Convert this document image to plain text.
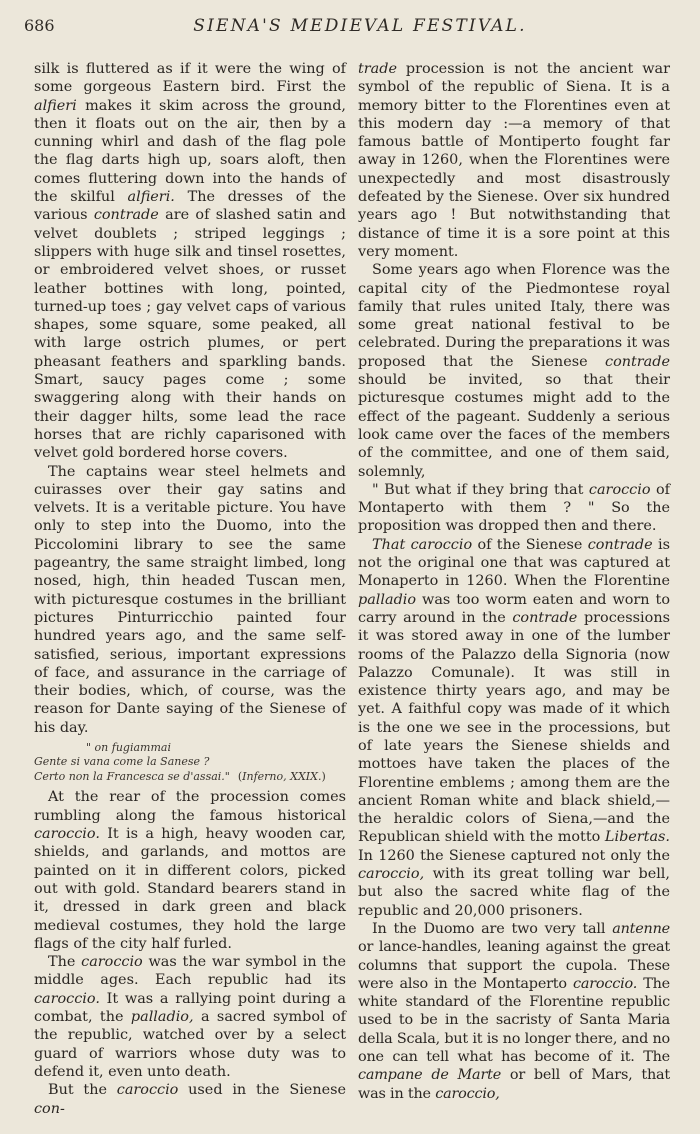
686	SIENA'S MEDIEVAL FESTIVAL.

silk is fluttered as if it were the wing of some gorgeous Eastern bird. First the alfieri makes it skim across the ground, then it floats out on the air, then by a cunning whirl and dash of the flag pole the flag darts high up, soars aloft, then comes fluttering down into the hands of the skilful alfieri. The dresses of the various contrade are of slashed satin and velvet doublets ; striped leggings ; slippers with huge silk and tinsel rosettes, or embroidered velvet shoes, or russet leather bottines with long, pointed, turned-up toes ; gay velvet caps of various shapes, some square, some peaked, all with large ostrich plumes, or pert pheasant feathers and sparkling bands. Smart, saucy pages come ; some swaggering along with their hands on their dagger hilts, some lead the race horses that are richly caparisoned with velvet gold bordered horse covers.

The captains wear steel helmets and cuirasses over their gay satins and velvets. It is a veritable picture. You have only to step into the Duomo, into the Piccolomini library to see the same pageantry, the same straight limbed, long nosed, high, thin headed Tuscan men, with picturesque costumes in the brilliant pictures Pinturricchio painted four hundred years ago, and the same self-satisfied, serious, important expressions of face, and assurance in the carriage of their bodies, which, of course, was the reason for Dante saying of the Sienese of his day.

" on fugiammai
Gente si vana come la Sanese ?
Certo non la Francesca se d'assai." (Inferno, XXIX.)

At the rear of the procession comes rumbling along the famous historical caroccio. It is a high, heavy wooden car, shields, and garlands, and mottos are painted on it in different colors, picked out with gold. Standard bearers stand in it, dressed in dark green and black medieval costumes, they hold the large flags of the city half furled.

The caroccio was the war symbol in the middle ages. Each republic had its caroccio. It was a rallying point during a combat, the palladio, a sacred symbol of the republic, watched over by a select guard of warriors whose duty was to defend it, even unto death.

But the caroccio used in the Sienese con-

trade procession is not the ancient war symbol of the republic of Siena. It is a memory bitter to the Florentines even at this modern day :—a memory of that famous battle of Montiperto fought far away in 1260, when the Florentines were unexpectedly and most disastrously defeated by the Sienese. Over six hundred years ago ! But notwithstanding that distance of time it is a sore point at this very moment.

Some years ago when Florence was the capital city of the Piedmontese royal family that rules united Italy, there was some great national festival to be celebrated. During the preparations it was proposed that the Sienese contrade should be invited, so that their picturesque costumes might add to the effect of the pageant. Suddenly a serious look came over the faces of the members of the committee, and one of them said, solemnly,

" But what if they bring that caroccio of Montaperto with them ? " So the proposition was dropped then and there.

That caroccio of the Sienese contrade is not the original one that was captured at Monaperto in 1260. When the Florentine palladio was too worm eaten and worn to carry around in the contrade processions it was stored away in one of the lumber rooms of the Palazzo della Signoria (now Palazzo Comunale). It was still in existence thirty years ago, and may be yet. A faithful copy was made of it which is the one we see in the processions, but of late years the Sienese shields and mottoes have taken the places of the Florentine emblems ; among them are the ancient Roman white and black shield,—the heraldic colors of Siena,—and the Republican shield with the motto Libertas. In 1260 the Sienese captured not only the caroccio, with its great tolling war bell, but also the sacred white flag of the republic and 20,000 prisoners.

In the Duomo are two very tall antenne or lance-handles, leaning against the great columns that support the cupola. These were also in the Montaperto caroccio. The white standard of the Florentine republic used to be in the sacristy of Santa Maria della Scala, but it is no longer there, and no one can tell what has become of it. The campane de Marte or bell of Mars, that was in the caroccio,
